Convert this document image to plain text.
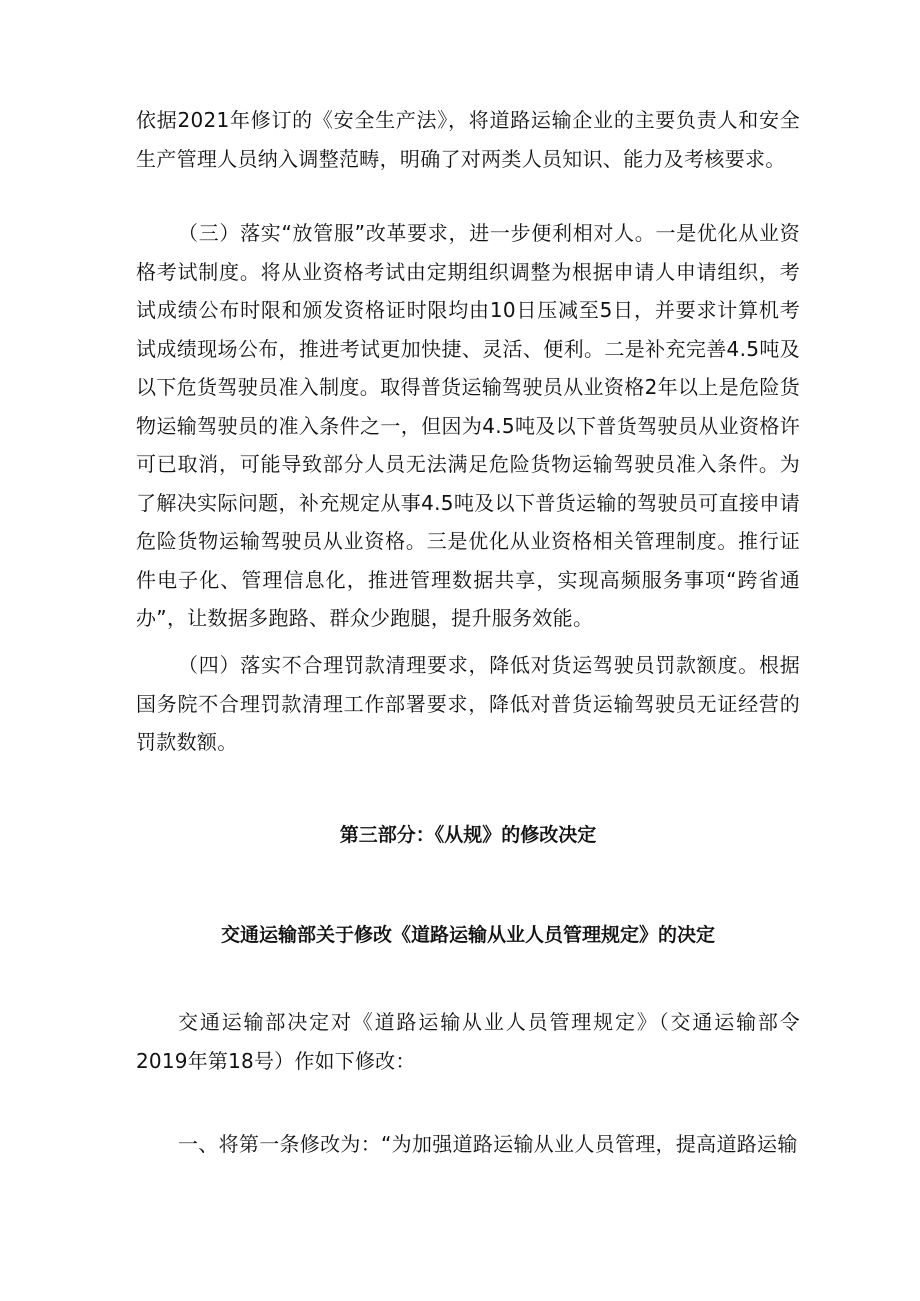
依据2021年修订的《安全生产法》，将道路运输企业的主要负责人和安全生产管理人员纳入调整范畴，明确了对两类人员知识、能力及考核要求。

（三）落实“放管服”改革要求，进一步便利相对人。一是优化从业资格考试制度。将从业资格考试由定期组织调整为根据申请人申请组织，考试成绩公布时限和颁发资格证时限均由10日压减至5日，并要求计算机考试成绩现场公布，推进考试更加快捷、灵活、便利。二是补充完善4.5吨及以下危货驾驶员准入制度。取得普货运输驾驶员从业资格2年以上是危险货物运输驾驶员的准入条件之一，但因为4.5吨及以下普货驾驶员从业资格许可已取消，可能导致部分人员无法满足危险货物运输驾驶员准入条件。为了解决实际问题，补充规定从事4.5吨及以下普货运输的驾驶员可直接申请危险货物运输驾驶员从业资格。三是优化从业资格相关管理制度。推行证件电子化、管理信息化，推进管理数据共享，实现高频服务事项“跨省通办”，让数据多跑路、群众少跑腿，提升服务效能。

（四）落实不合理罚款清理要求，降低对货运驾驶员罚款额度。根据国务院不合理罚款清理工作部署要求，降低对普货运输驾驶员无证经营的罚款数额。

第三部分：《从规》的修改决定
交通运输部关于修改《道路运输从业人员管理规定》的决定

交通运输部决定对《道路运输从业人员管理规定》（交通运输部令2019年第18号）作如下修改：

一、将第一条修改为：“为加强道路运输从业人员管理，提高道路运输
